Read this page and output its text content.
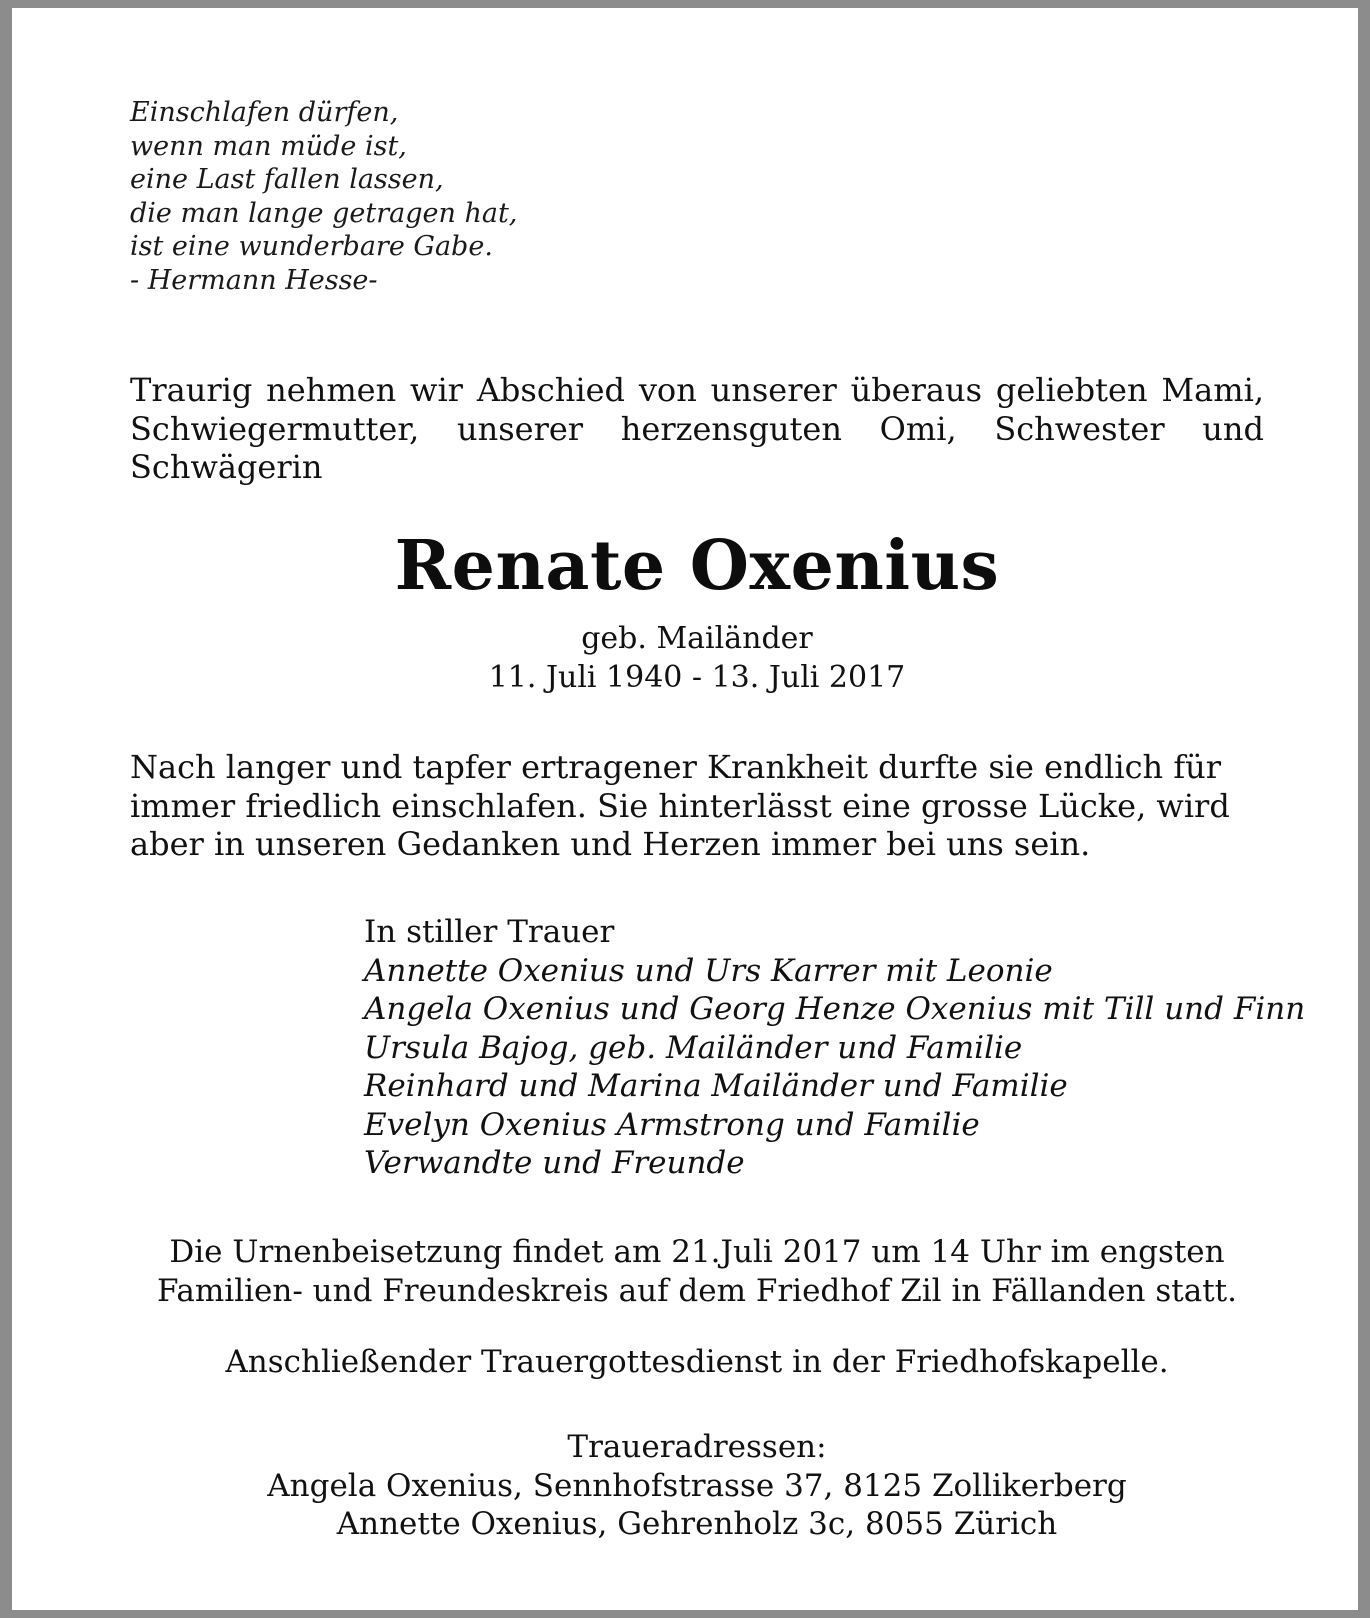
Einschlafen dürfen,
wenn man müde ist,
eine Last fallen lassen,
die man lange getragen hat,
ist eine wunderbare Gabe.
- Hermann Hesse-
Traurig nehmen wir Abschied von unserer überaus geliebten Mami, Schwiegermutter, unserer herzensguten Omi, Schwester und Schwägerin
Renate Oxenius
geb. Mailänder
11. Juli 1940 - 13. Juli 2017
Nach langer und tapfer ertragener Krankheit durfte sie endlich für
immer friedlich einschlafen. Sie hinterlässt eine grosse Lücke, wird
aber in unseren Gedanken und Herzen immer bei uns sein.
In stiller Trauer
Annette Oxenius und Urs Karrer mit Leonie
Angela Oxenius und Georg Henze Oxenius mit Till und Finn
Ursula Bajog, geb. Mailänder und Familie
Reinhard und Marina Mailänder und Familie
Evelyn Oxenius Armstrong und Familie
Verwandte und Freunde
Die Urnenbeisetzung findet am 21.Juli 2017 um 14 Uhr im engsten
Familien- und Freundeskreis auf dem Friedhof Zil in Fällanden statt.
Anschließender Trauergottesdienst in der Friedhofskapelle.
Traueradressen:
Angela Oxenius, Sennhofstrasse 37, 8125 Zollikerberg
Annette Oxenius, Gehrenholz 3c, 8055 Zürich
